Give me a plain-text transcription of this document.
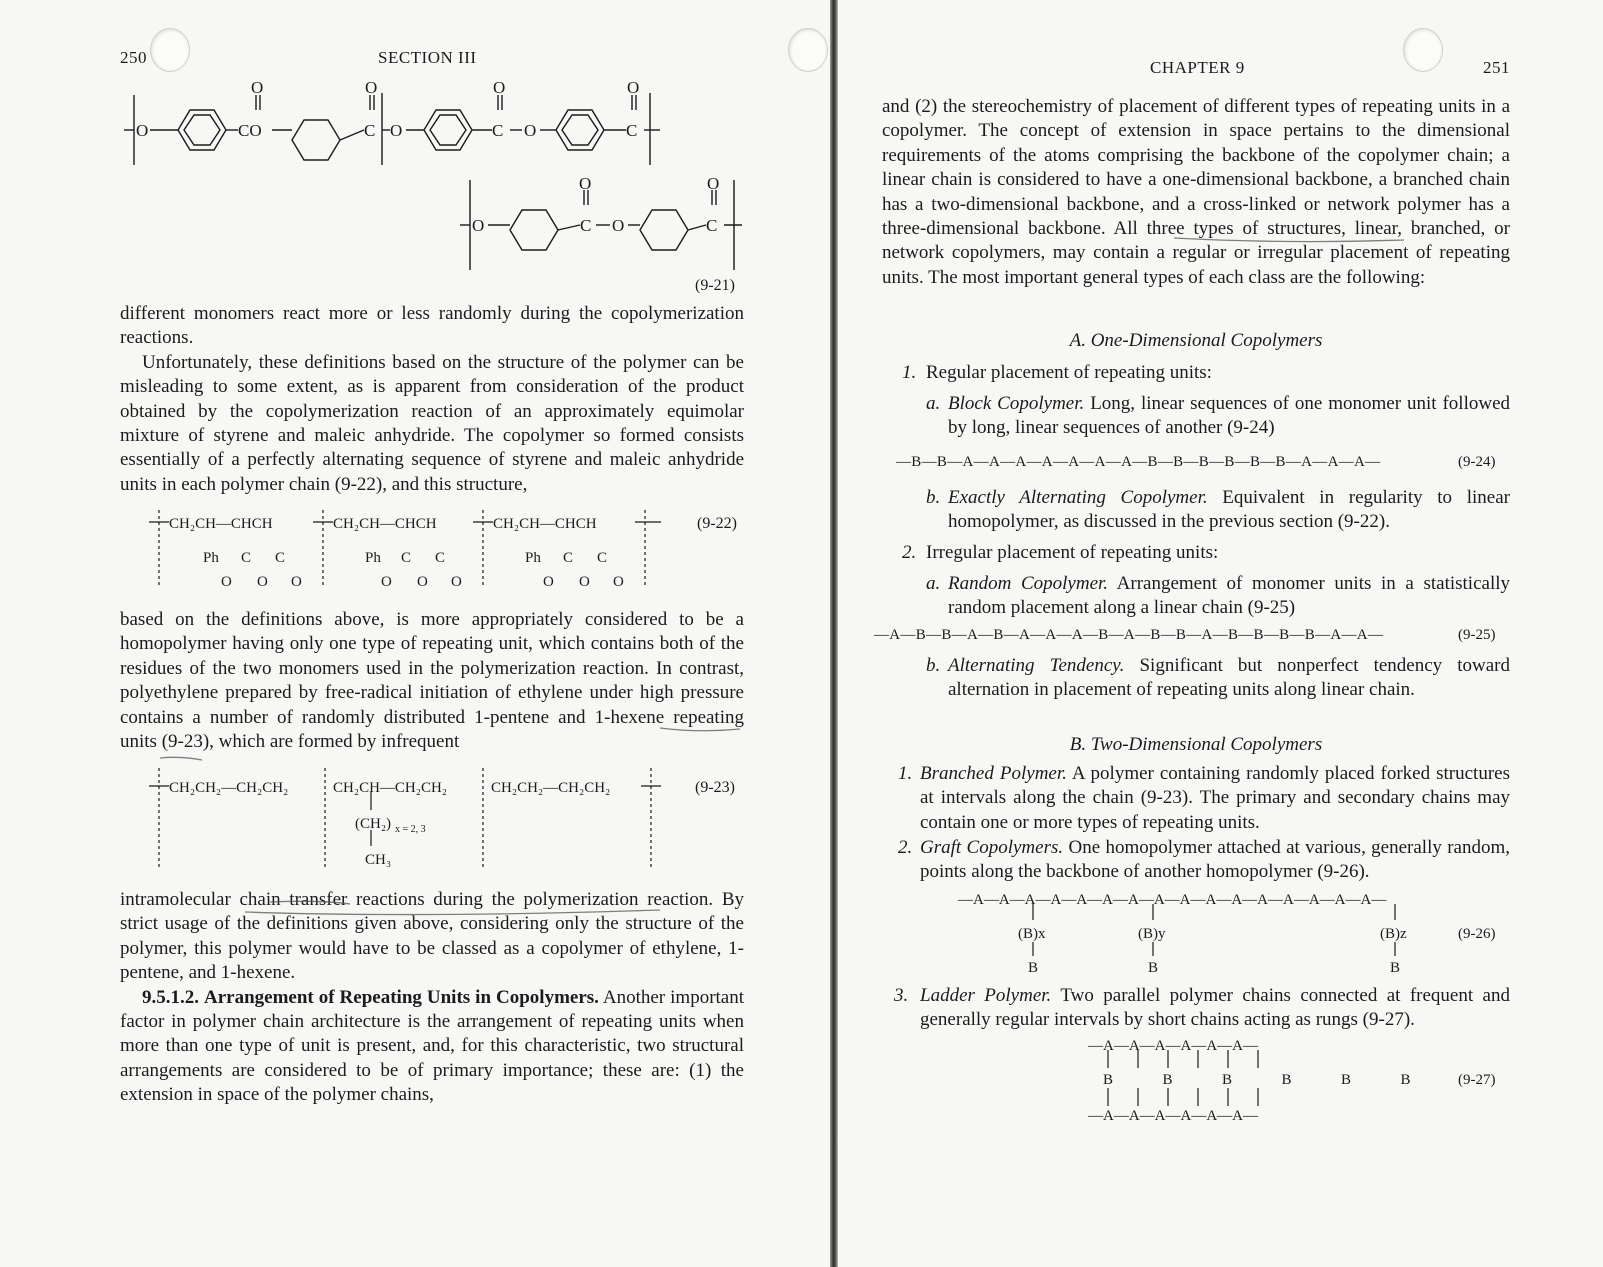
250	SECTION III
O	CO
O
C
O
O	C
O
O	C
O
O	C
O
O	C
O
(9-21)

different monomers react more or less randomly during the copolymerization reactions.

Unfortunately, these definitions based on the structure of the polymer can be misleading to some extent, as is apparent from consideration of the product obtained by the copolymerization reaction of an approximately equimolar mixture of styrene and maleic anhydride. The copolymer so formed consists essentially of a perfectly alternating sequence of styrene and maleic anhydride units in each polymer chain (9-22), and this structure,

CH₂CH—CHCH	CH₂CH—CHCH	CH₂CH—CHCH
Ph	Ph	Ph
C C	C C	C C
O O O	O O O	O O O
(9-22)
based on the definitions above, is more appropriately considered to be a homopolymer having only one type of repeating unit, which contains both of the residues of the two monomers used in the polymerization reaction. In contrast, polyethylene prepared by free-radical initiation of ethylene under high pressure contains a number of randomly distributed 1-pentene and 1-hexene repeating units (9-23), which are formed by infrequent
CH₂CH₂—CH₂CH₂	CH₂CH—CH₂CH₂	CH₂CH₂—CH₂CH₂
(CH₂) x = 2, 3
CH₃
(9-23)

intramolecular chain transfer reactions during the polymerization reaction. By strict usage of the definitions given above, considering only the structure of the polymer, this polymer would have to be classed as a copolymer of ethylene, 1-pentene, and 1-hexene.

9.5.1.2. Arrangement of Repeating Units in Copolymers. Another important factor in polymer chain architecture is the arrangement of repeating units when more than one type of unit is present, and, for this characteristic, two structural arrangements are considered to be of primary importance; these are: (1) the extension in space of the polymer chains,

CHAPTER 9	251
and (2) the stereochemistry of placement of different types of repeating units in a copolymer. The concept of extension in space pertains to the dimensional requirements of the atoms comprising the backbone of the copolymer chain; a linear chain is considered to have a one-dimensional backbone, a branched chain has a two-dimensional backbone, and a cross-linked or network polymer has a three-dimensional backbone. All three types of structures, linear, branched, or network copolymers, may contain a regular or irregular placement of repeating units. The most important general types of each class are the following:
A. One-Dimensional Copolymers
1. Regular placement of repeating units:
a. Block Copolymer. Long, linear sequences of one monomer unit followed by long, linear sequences of another (9-24)
—B—B—A—A—A—A—A—A—A—B—B—B—B—B—B—A—A—A—	(9-24)
b. Exactly Alternating Copolymer. Equivalent in regularity to linear homopolymer, as discussed in the previous section (9-22).
2. Irregular placement of repeating units:
a. Random Copolymer. Arrangement of monomer units in a statistically random placement along a linear chain (9-25)
—A—B—B—A—B—A—A—A—B—A—B—B—A—B—B—B—B—A—A—	(9-25)
b. Alternating Tendency. Significant but nonperfect tendency toward alternation in placement of repeating units along linear chain.
B. Two-Dimensional Copolymers
1. Branched Polymer. A polymer containing randomly placed forked structures at intervals along the chain (9-23). The primary and secondary chains may contain one or more types of repeating units.
2. Graft Copolymers. One homopolymer attached at various, generally random, points along the backbone of another homopolymer (9-26).
—A—A—A—A—A—A—A—A—A—A—A—A—A—A—A—A—
(B)x	(B)y	(B)z
B	B	B
(9-26)
3. Ladder Polymer. Two parallel polymer chains connected at frequent and generally regular intervals by short chains acting as rungs (9-27).
—A—A—A—A—A—A—
B  B  B  B  B  B
—A—A—A—A—A—A—
(9-27)
